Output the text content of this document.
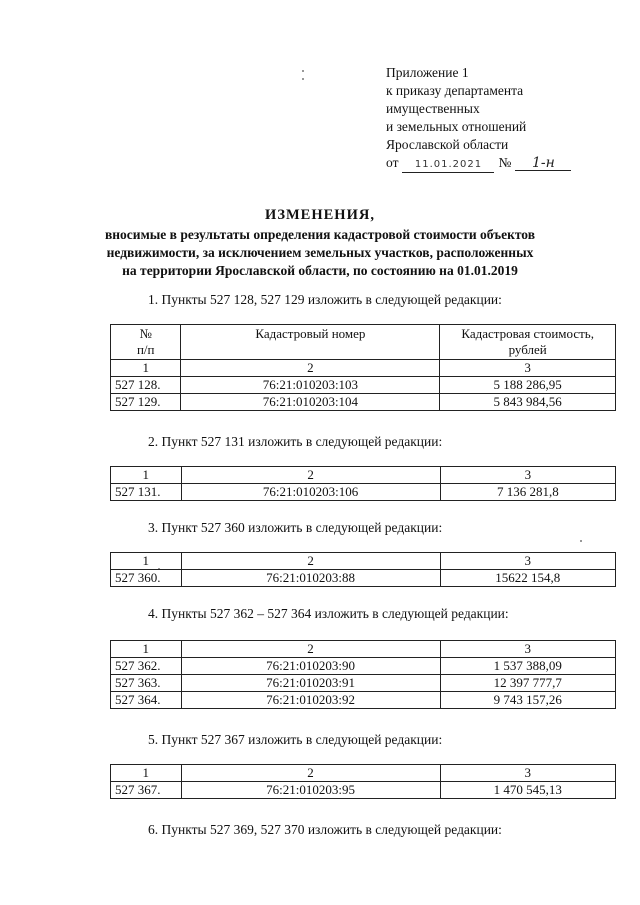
Приложение 1
к приказу департамента
имущественных
и земельных отношений
Ярославской области
от	11.01.2021	№	1-н
ИЗМЕНЕНИЯ,
вносимые в результаты определения кадастровой стоимости объектов
недвижимости, за исключением земельных участков, расположенных
на территории Ярославской области, по состоянию на 01.01.2019
1. Пункты 527 128, 527 129 изложить в следующей редакции:
№
п/п	Кадастровый номер	Кадастровая стоимость,
рублей
1	2	3
527 128.	76:21:010203:103	5 188 286,95
527 129.	76:21:010203:104	5 843 984,56
2. Пункт 527 131 изложить в следующей редакции:
1	2	3
527 131.	76:21:010203:106	7 136 281,8
3. Пункт 527 360 изложить в следующей редакции:
1	2	3
527 360.	76:21:010203:88	15622 154,8
4. Пункты 527 362 – 527 364 изложить в следующей редакции:
1	2	3
527 362.	76:21:010203:90	1 537 388,09
527 363.	76:21:010203:91	12 397 777,7
527 364.	76:21:010203:92	9 743 157,26
5. Пункт 527 367 изложить в следующей редакции:
1	2	3
527 367.	76:21:010203:95	1 470 545,13
6. Пункты 527 369, 527 370 изложить в следующей редакции:
